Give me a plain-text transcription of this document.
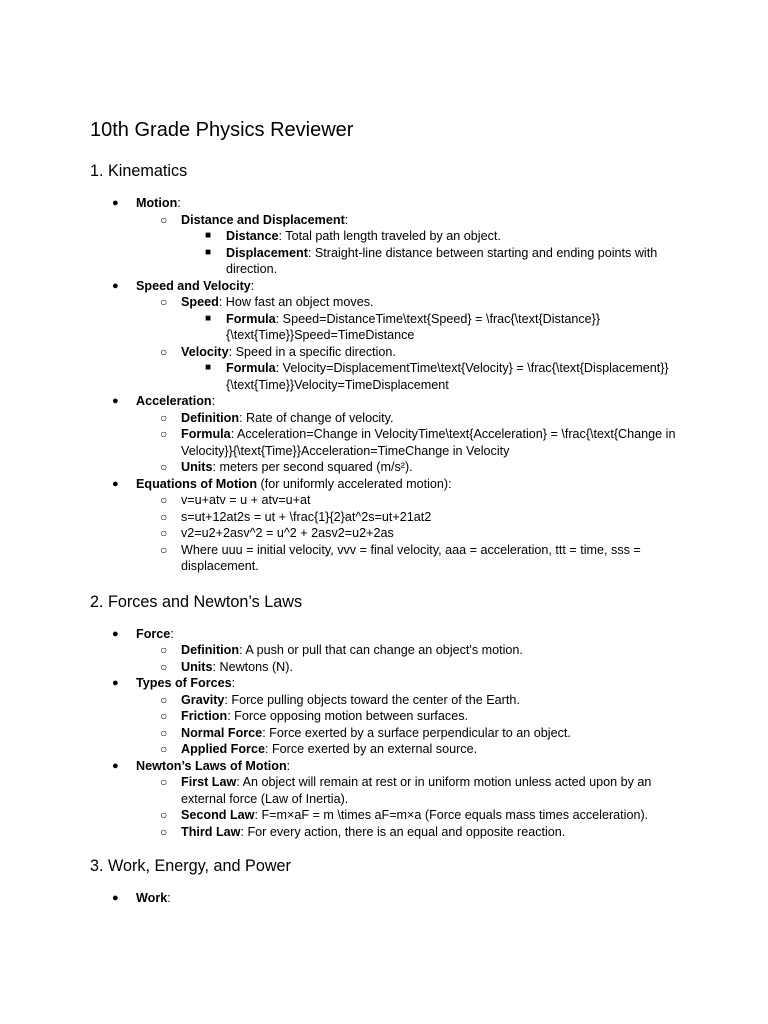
10th Grade Physics Reviewer
1. Kinematics
● Motion:
○ Distance and Displacement:
■ Distance: Total path length traveled by an object.
■ Displacement: Straight-line distance between starting and ending points with direction.
● Speed and Velocity:
○ Speed: How fast an object moves.
■ Formula: Speed=DistanceTime\text{Speed} = \frac{\text{Distance}}{\text{Time}}Speed=TimeDistance
○ Velocity: Speed in a specific direction.
■ Formula: Velocity=DisplacementTime\text{Velocity} = \frac{\text{Displacement}}{\text{Time}}Velocity=TimeDisplacement
● Acceleration:
○ Definition: Rate of change of velocity.
○ Formula: Acceleration=Change in VelocityTime\text{Acceleration} = \frac{\text{Change in Velocity}}{\text{Time}}Acceleration=TimeChange in Velocity
○ Units: meters per second squared (m/s²).
● Equations of Motion (for uniformly accelerated motion):
○ v=u+atv = u + atv=u+at
○ s=ut+12at2s = ut + \frac{1}{2}at^2s=ut+21at2
○ v2=u2+2asv^2 = u^2 + 2asv2=u2+2as
○ Where uuu = initial velocity, vvv = final velocity, aaa = acceleration, ttt = time, sss = displacement.
2. Forces and Newton’s Laws
● Force:
○ Definition: A push or pull that can change an object's motion.
○ Units: Newtons (N).
● Types of Forces:
○ Gravity: Force pulling objects toward the center of the Earth.
○ Friction: Force opposing motion between surfaces.
○ Normal Force: Force exerted by a surface perpendicular to an object.
○ Applied Force: Force exerted by an external source.
● Newton’s Laws of Motion:
○ First Law: An object will remain at rest or in uniform motion unless acted upon by an external force (Law of Inertia).
○ Second Law: F=m×aF = m \times aF=m×a (Force equals mass times acceleration).
○ Third Law: For every action, there is an equal and opposite reaction.
3. Work, Energy, and Power
● Work:
